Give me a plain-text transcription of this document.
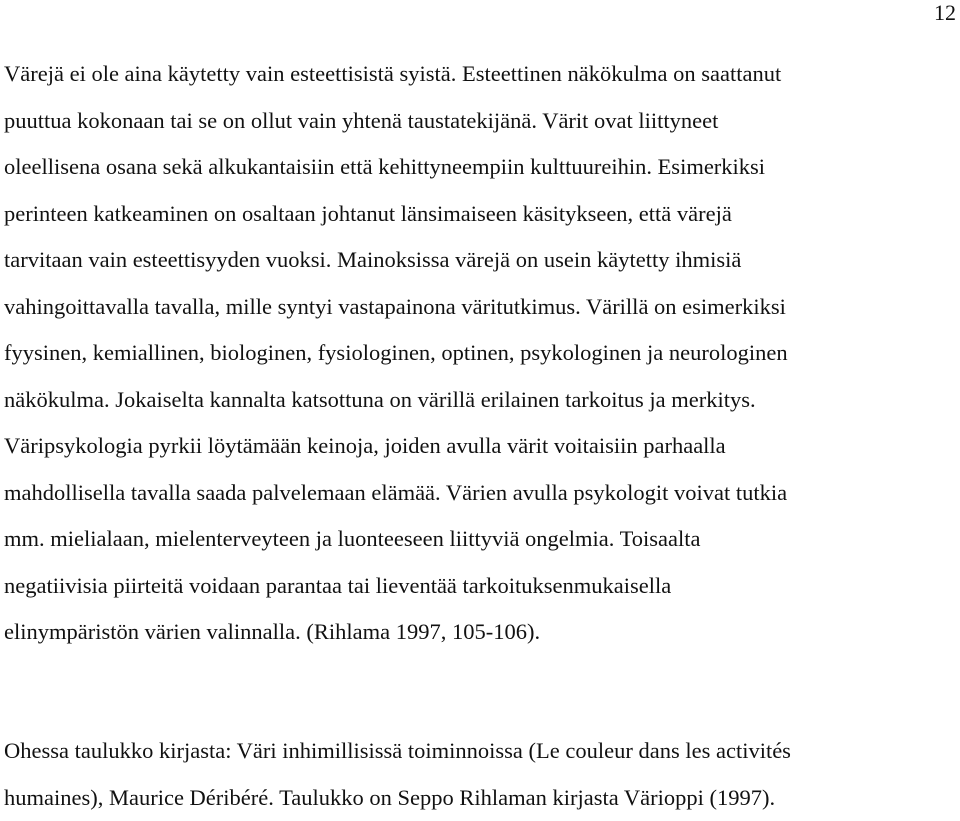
12
Värejä ei ole aina käytetty vain esteettisistä syistä. Esteettinen näkökulma on saattanut
puuttua kokonaan tai se on ollut vain yhtenä taustatekijänä. Värit ovat liittyneet
oleellisena osana sekä alkukantaisiin että kehittyneempiin kulttuureihin. Esimerkiksi
perinteen katkeaminen on osaltaan johtanut länsimaiseen käsitykseen, että värejä
tarvitaan vain esteettisyyden vuoksi. Mainoksissa värejä on usein käytetty ihmisiä
vahingoittavalla tavalla, mille syntyi vastapainona väritutkimus. Värillä on esimerkiksi
fyysinen, kemiallinen, biologinen, fysiologinen, optinen, psykologinen ja neurologinen
näkökulma. Jokaiselta kannalta katsottuna on värillä erilainen tarkoitus ja merkitys.
Väripsykologia pyrkii löytämään keinoja, joiden avulla värit voitaisiin parhaalla
mahdollisella tavalla saada palvelemaan elämää. Värien avulla psykologit voivat tutkia
mm. mielialaan, mielenterveyteen ja luonteeseen liittyviä ongelmia. Toisaalta
negatiivisia piirteitä voidaan parantaa tai lieventää tarkoituksenmukaisella
elinympäristön värien valinnalla. (Rihlama 1997, 105-106).
Ohessa taulukko kirjasta: Väri inhimillisissä toiminnoissa (Le couleur dans les activités
humaines), Maurice Déribéré. Taulukko on Seppo Rihlaman kirjasta Värioppi (1997).
